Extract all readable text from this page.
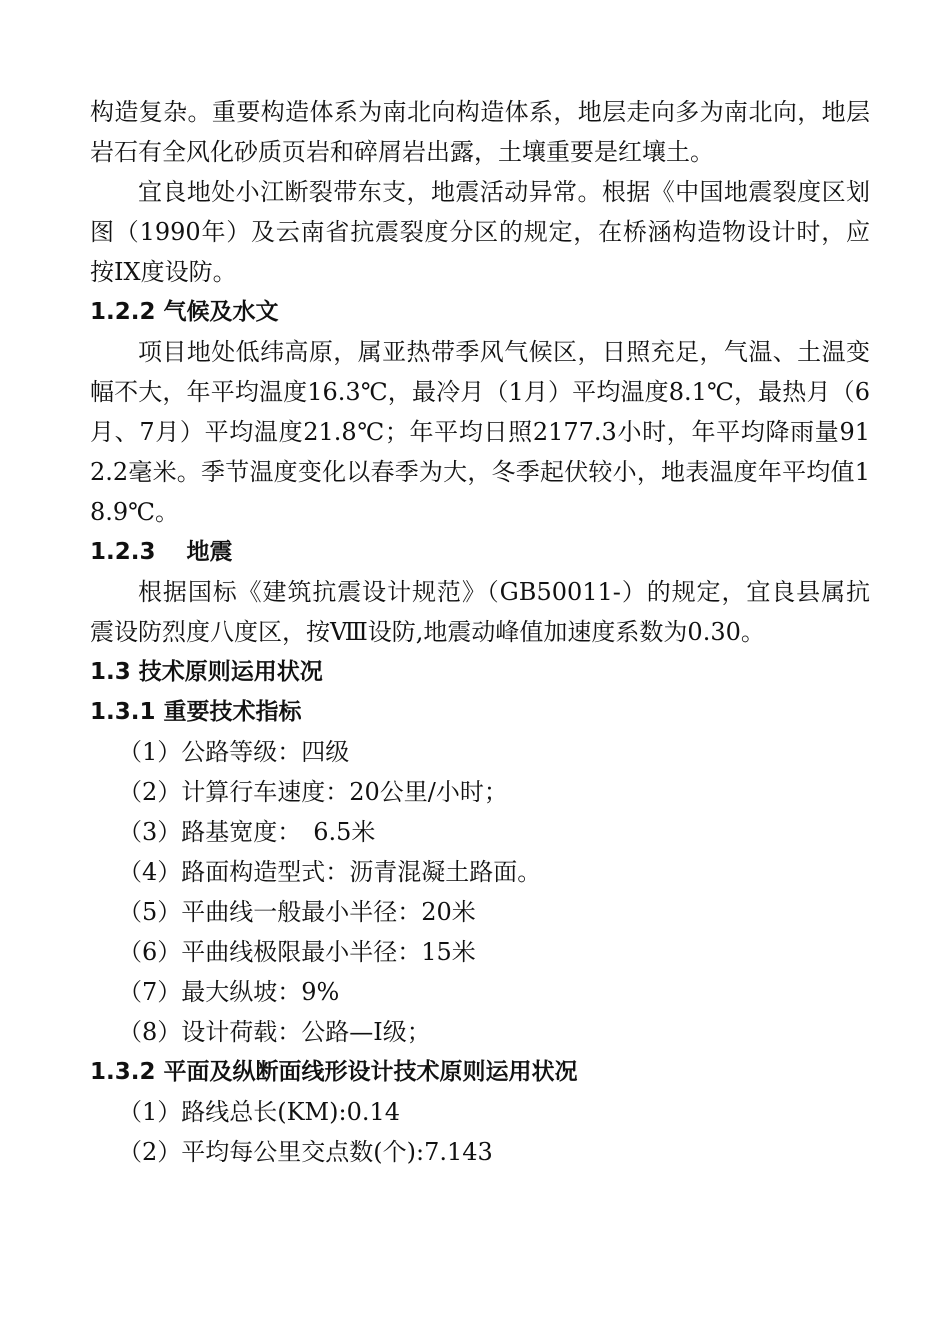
构造复杂。重要构造体系为南北向构造体系，地层走向多为南北向，地层岩石有全风化砂质页岩和碎屑岩出露，土壤重要是红壤土。

宜良地处小江断裂带东支，地震活动异常。根据《中国地震裂度区划图（1990年）及云南省抗震裂度分区的规定，在桥涵构造物设计时，应按IX度设防。

1.2.2 气候及水文

项目地处低纬高原，属亚热带季风气候区，日照充足，气温、土温变幅不大，年平均温度16.3℃，最冷月（1月）平均温度8.1℃，最热月（6月、7月）平均温度21.8℃；年平均日照2177.3小时，年平均降雨量912.2毫米。季节温度变化以春季为大，冬季起伏较小，地表温度年平均值18.9℃。

1.2.3　 地震

根据国标《建筑抗震设计规范》（GB50011-）的规定，宜良县属抗震设防烈度八度区，按Ⅷ设防,地震动峰值加速度系数为0.30。

1.3 技术原则运用状况

1.3.1 重要技术指标

（1）公路等级：四级

（2）计算行车速度：20公里/小时；

（3）路基宽度：　6.5米

（4）路面构造型式：沥青混凝土路面。

（5）平曲线一般最小半径：20米

（6）平曲线极限最小半径：15米

（7）最大纵坡：9%

（8）设计荷载：公路—Ⅰ级；

1.3.2 平面及纵断面线形设计技术原则运用状况

（1）路线总长(KM):0.14

（2）平均每公里交点数(个):7.143
